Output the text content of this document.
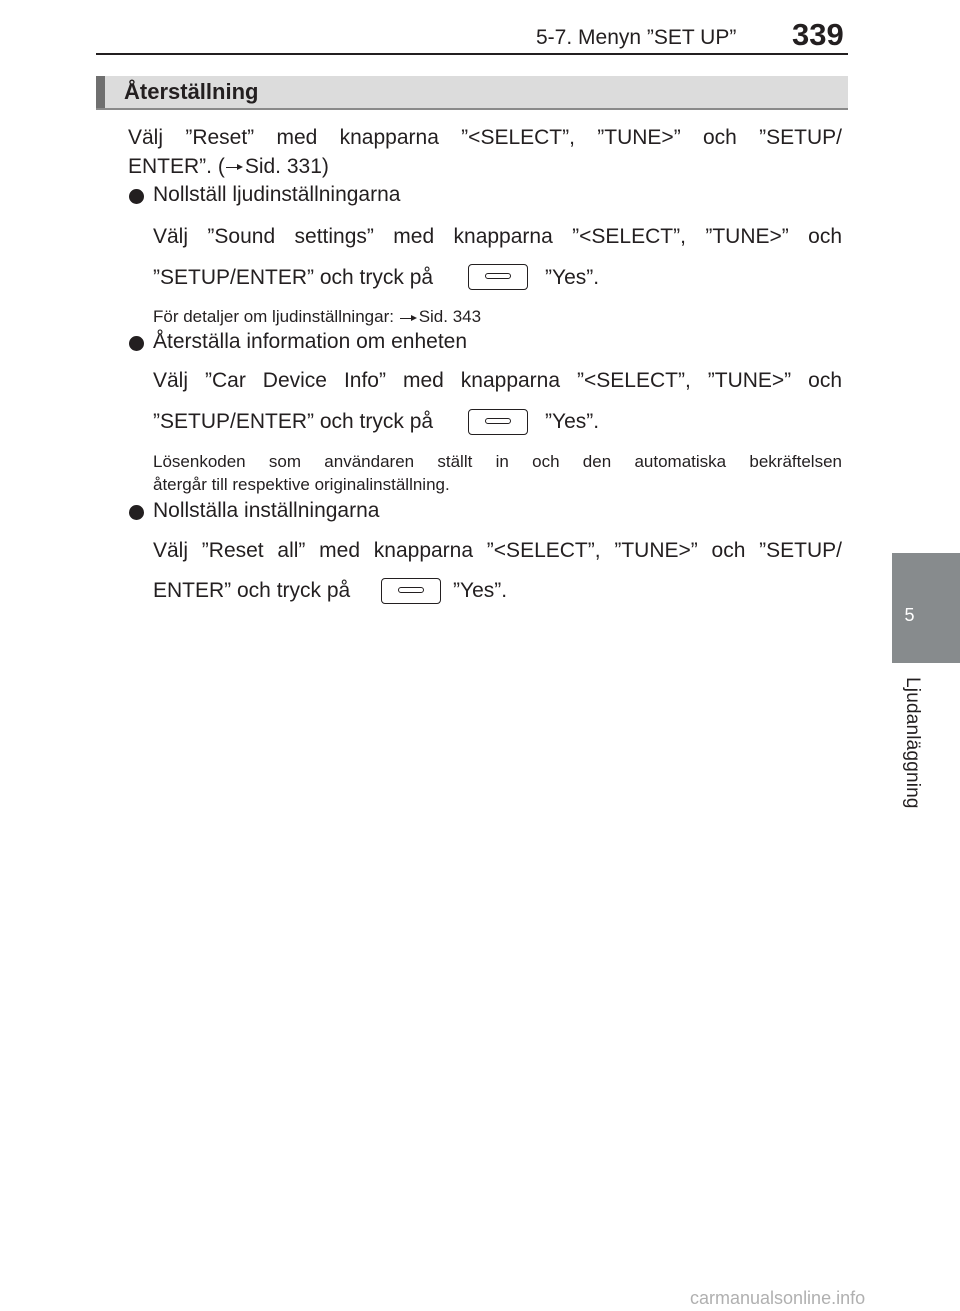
5-7. Menyn ”SET UP” 339
5
Ljudanläggning
Återställning
Välj ”Reset” med knapparna ”<SELECT”, ”TUNE>” och ”SETUP/
ENTER”. ( Sid. 331)
Nollställ ljudinställningarna
Välj ”Sound settings” med knapparna ”<SELECT”, ”TUNE>” och
”SETUP/ENTER” och tryck på	”Yes”.
För detaljer om ljudinställningar: Sid. 343
Återställa information om enheten
Välj ”Car Device Info” med knapparna ”<SELECT”, ”TUNE>” och
”SETUP/ENTER” och tryck på	”Yes”.
Lösenkoden som användaren ställt in och den automatiska bekräftelsen
återgår till respektive originalinställning.
Nollställa inställningarna
Välj ”Reset all” med knapparna ”<SELECT”, ”TUNE>” och ”SETUP/
ENTER” och tryck på	”Yes”.
carmanualsonline.info
